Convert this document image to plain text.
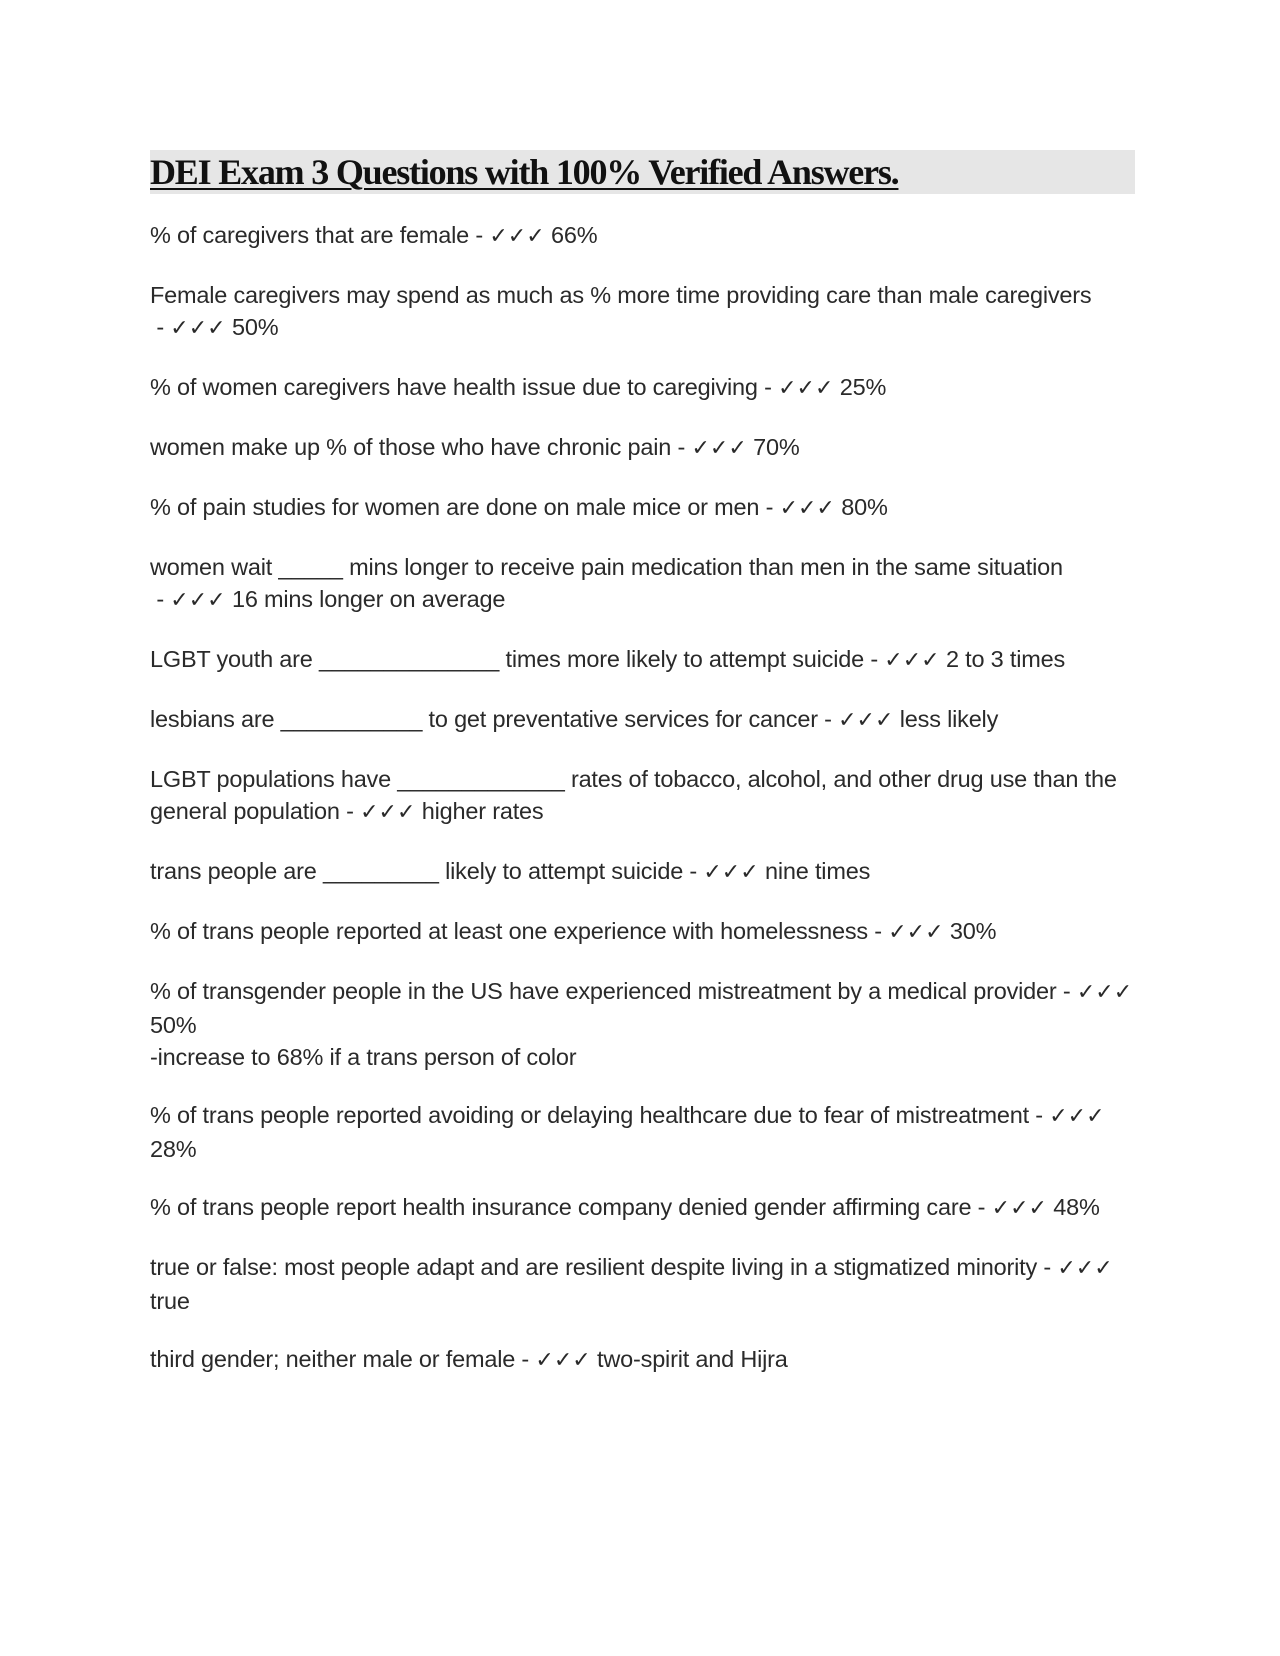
DEI Exam 3 Questions with 100% Verified Answers.

% of caregivers that are female - ✓✓✓ 66%

Female caregivers may spend as much as % more time providing care than male caregivers - ✓✓✓ 50%

% of women caregivers have health issue due to caregiving - ✓✓✓ 25%

women make up % of those who have chronic pain - ✓✓✓ 70%

% of pain studies for women are done on male mice or men - ✓✓✓ 80%

women wait _____ mins longer to receive pain medication than men in the same situation - ✓✓✓ 16 mins longer on average

LGBT youth are ______________ times more likely to attempt suicide - ✓✓✓ 2 to 3 times

lesbians are ___________ to get preventative services for cancer - ✓✓✓ less likely

LGBT populations have _____________ rates of tobacco, alcohol, and other drug use than the general population - ✓✓✓ higher rates

trans people are _________ likely to attempt suicide - ✓✓✓ nine times

% of trans people reported at least one experience with homelessness - ✓✓✓ 30%

% of transgender people in the US have experienced mistreatment by a medical provider - ✓✓✓ 50%
-increase to 68% if a trans person of color

% of trans people reported avoiding or delaying healthcare due to fear of mistreatment - ✓✓✓ 28%

% of trans people report health insurance company denied gender affirming care - ✓✓✓ 48%

true or false: most people adapt and are resilient despite living in a stigmatized minority - ✓✓✓ true

third gender; neither male or female - ✓✓✓ two-spirit and Hijra
